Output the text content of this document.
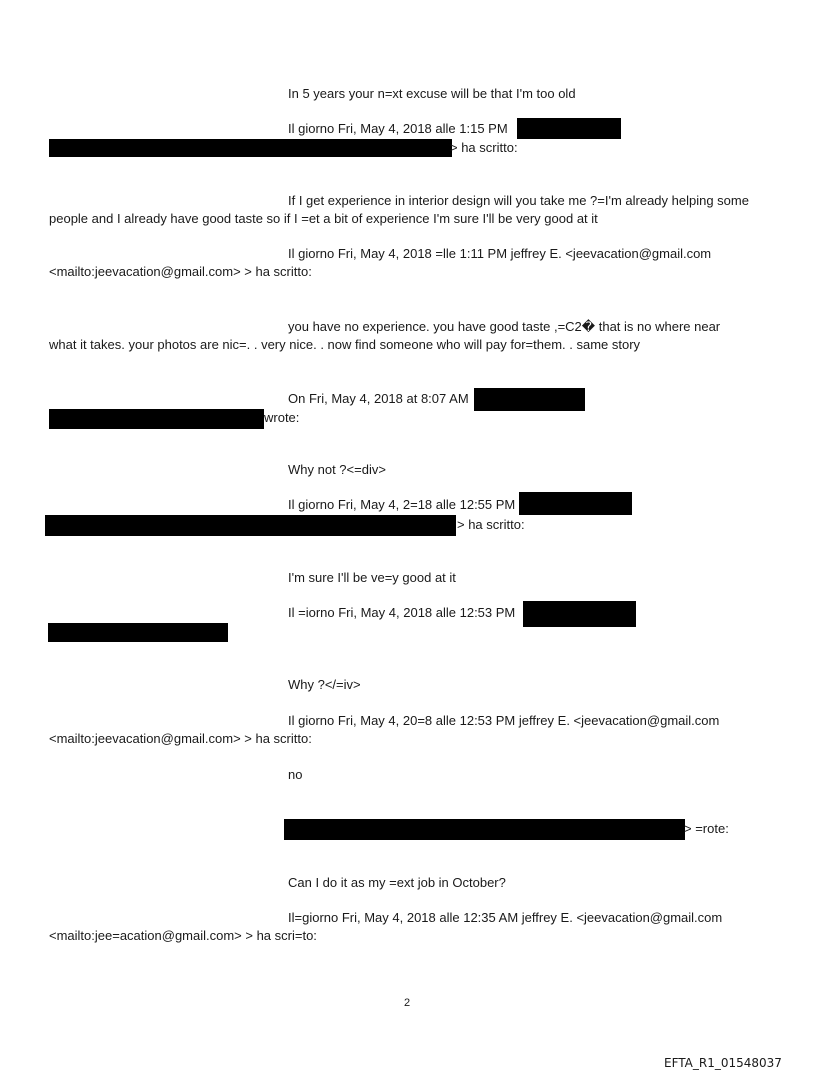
In 5 years your n=xt excuse will be that I'm too old
Il giorno Fri, May 4, 2018 alle 1:15 PM
> ha scritto:
If I get experience in interior design will you take me ?=I'm already helping some
people and I already have good taste so if I =et a bit of experience I'm sure I'll be very good at it
Il giorno Fri, May 4, 2018 =lle 1:11 PM jeffrey E. <jeevacation@gmail.com
<mailto:jeevacation@gmail.com> > ha scritto:
you have no experience. you have good taste ,=C2� that is no where near
what it takes. your photos are nic=. . very nice. . now find someone who will pay for=them. . same story
On Fri, May 4, 2018 at 8:07 AM
wrote:
Why not ?<=div>
Il giorno Fri, May 4, 2=18 alle 12:55 PM
> ha scritto:
I'm sure I'll be ve=y good at it
Il =iorno Fri, May 4, 2018 alle 12:53 PM
Why ?</=iv>
Il giorno Fri, May 4, 20=8 alle 12:53 PM jeffrey E. <jeevacation@gmail.com
<mailto:jeevacation@gmail.com> > ha scritto:
no
> =rote:
Can I do it as my =ext job in October?
Il=giorno Fri, May 4, 2018 alle 12:35 AM jeffrey E. <jeevacation@gmail.com
<mailto:jee=acation@gmail.com> > ha scri=to:
2
EFTA_R1_01548037
